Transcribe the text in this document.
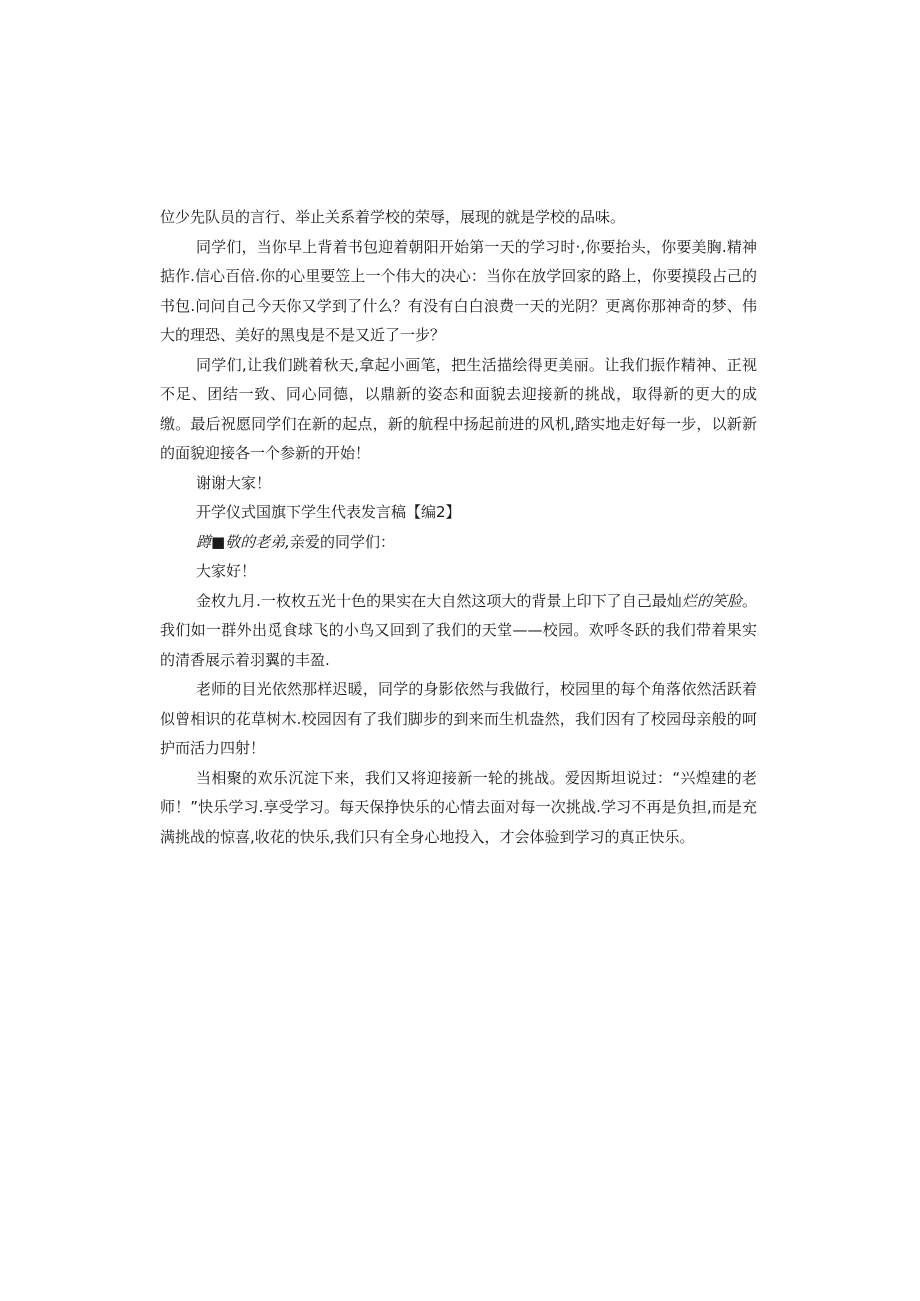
位少先队员的言行、举止关系着学校的荣辱，展现的就是学校的品味。

同学们，当你早上背着书包迎着朝阳开始第一天的学习时·,你要抬头，你要美胸.精神掂作.信心百倍.你的心里要笠上一个伟大的决心：当你在放学回家的路上，你要摸段占己的书包.问问自己今天你又学到了什么？有没有白白浪费一天的光阴？更离你那神奇的梦、伟大的理恐、美好的黑曳是不是又近了一步？

同学们,让我们跳着秋天,拿起小画笔，把生活描绘得更美丽。让我们振作精神、正视不足、团结一致、同心同德，以鼎新的姿态和面貌去迎接新的挑战，取得新的更大的成缴。最后祝愿同学们在新的起点，新的航程中扬起前进的风机,踏实地走好每一步，以新新的面貌迎接各一个参新的开始！

谢谢大家！

开学仪式国旗下学生代表发言稿【编2】

蹲■敬的老弟,亲爱的同学们：

大家好！

金枚九月.一枚枚五光十色的果实在大自然这项大的背景上印下了自己最灿烂的笑脸。我们如一群外出觅食球飞的小鸟又回到了我们的天堂——校园。欢呼冬跃的我们带着果实的清香展示着羽翼的丰盈.

老师的目光依然那样迟暖，同学的身影依然与我做行，校园里的每个角落依然活跃着似曾相识的花草树木.校园因有了我们脚步的到来而生机盎然，我们因有了校园母亲般的呵护而活力四射！

当相聚的欢乐沉淀下来，我们又将迎接新一轮的挑战。爱因斯坦说过：“兴煌建的老师！”快乐学习.享受学习。每天保挣快乐的心情去面对每一次挑战.学习不再是负担,而是充满挑战的惊喜,收花的快乐,我们只有全身心地投入，才会体验到学习的真正快乐。
